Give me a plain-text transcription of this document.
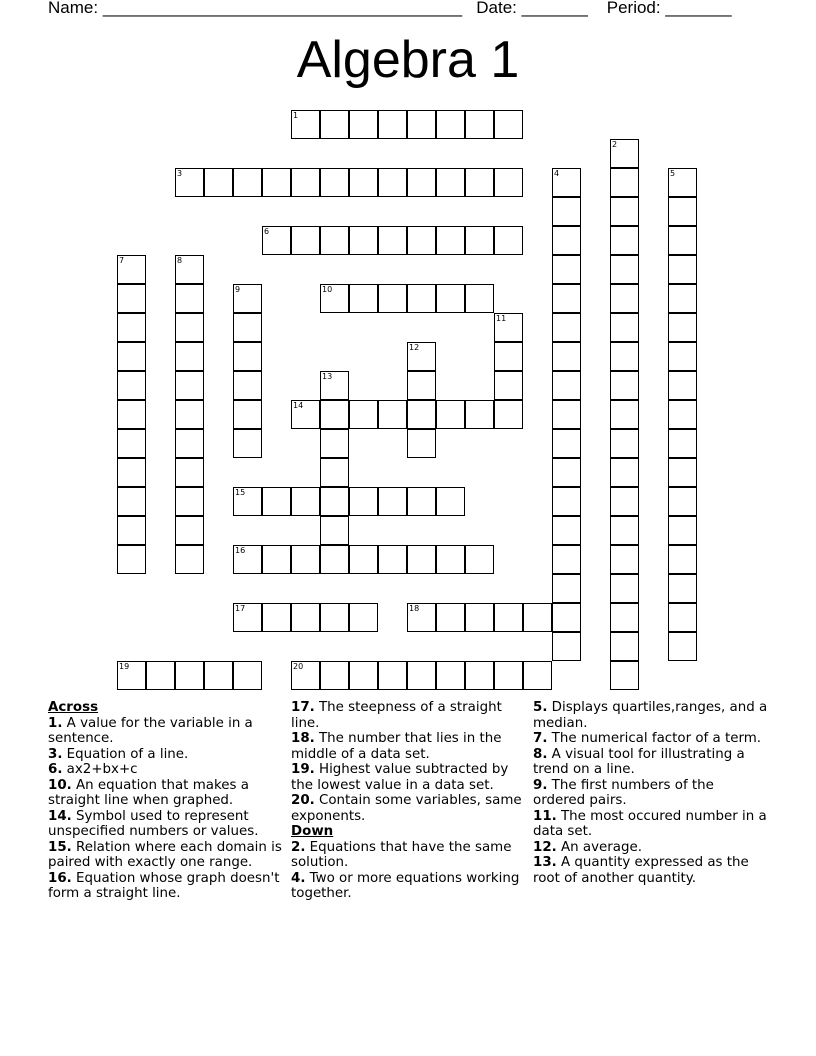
Name: ______________________________________ Date: _______ Period: _______
Algebra 1
1
3
6
10
14
15
16
17	18
19	20
2
4	5
7	8
9
11
12
13
Across
1. A value for the variable in a sentence.
3. Equation of a line.
6. ax2+bx+c
10. An equation that makes a straight line when graphed.
14. Symbol used to represent unspecified numbers or values.
15. Relation where each domain is paired with exactly one range.
16. Equation whose graph doesn't form a straight line.
17. The steepness of a straight line.
18. The number that lies in the middle of a data set.
19. Highest value subtracted by the lowest value in a data set.
20. Contain some variables, same exponents.
Down
2. Equations that have the same solution.
4. Two or more equations working together.
5. Displays quartiles,ranges, and a median.
7. The numerical factor of a term.
8. A visual tool for illustrating a trend on a line.
9. The first numbers of the ordered pairs.
11. The most occured number in a data set.
12. An average.
13. A quantity expressed as the root of another quantity.
